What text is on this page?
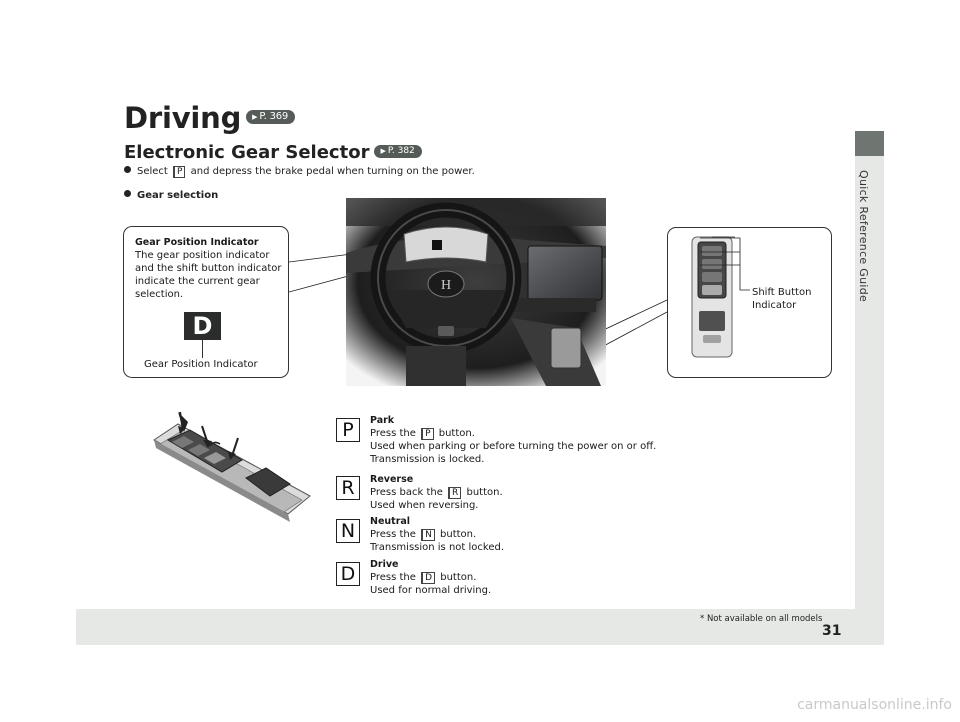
Quick Reference Guide
* Not available on all models
31
carmanualsonline.info
Driving ▶ P. 369
Electronic Gear Selector ▶ P. 382
Select P and depress the brake pedal when turning on the power.
Gear selection
Gear Position Indicator
The gear position indicator and the shift button indicator indicate the current gear selection.
D
Gear Position Indicator
H	Shift Button Indicator
P	Park
Press the P button.
Used when parking or before turning the power on or off.
Transmission is locked.
R	Reverse
Press back the R button.
Used when reversing.
N	Neutral
Press the N button.
Transmission is not locked.
D	Drive
Press the D button.
Used for normal driving.
